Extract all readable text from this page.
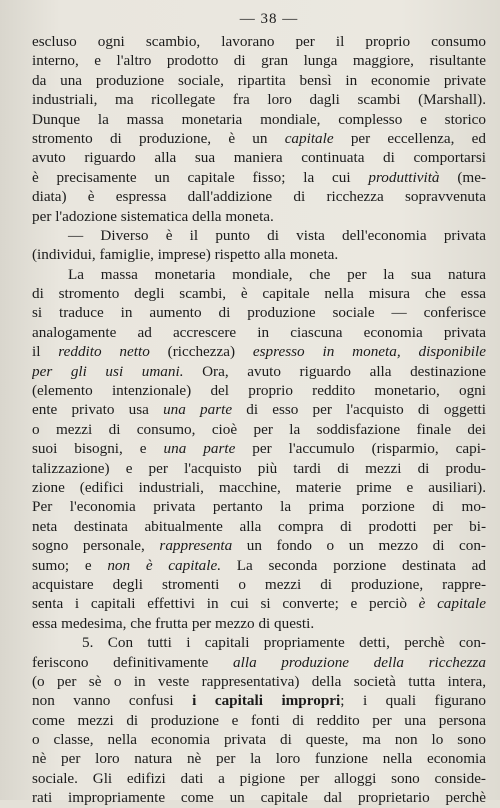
— 38 —
escluso ogni scambio, lavorano per il proprio consumo
interno, e l'altro prodotto di gran lunga maggiore, risultante
da una produzione sociale, ripartita bensì in economie private
industriali, ma ricollegate fra loro dagli scambi (Marshall).
Dunque la massa monetaria mondiale, complesso e storico
stromento di produzione, è un capitale per eccellenza, ed
avuto riguardo alla sua maniera continuata di comportarsi
è precisamente un capitale fisso; la cui produttività (me-
diata) è espressa dall'addizione di ricchezza sopravvenuta
per l'adozione sistematica della moneta.
— Diverso è il punto di vista dell'economia privata
(individui, famiglie, imprese) rispetto alla moneta.
La massa monetaria mondiale, che per la sua natura
di stromento degli scambi, è capitale nella misura che essa
si traduce in aumento di produzione sociale — conferisce
analogamente ad accrescere in ciascuna economia privata
il reddito netto (ricchezza) espresso in moneta, disponibile
per gli usi umani. Ora, avuto riguardo alla destinazione
(elemento intenzionale) del proprio reddito monetario, ogni
ente privato usa una parte di esso per l'acquisto di oggetti
o mezzi di consumo, cioè per la soddisfazione finale dei
suoi bisogni, e una parte per l'accumulo (risparmio, capi-
talizzazione) e per l'acquisto più tardi di mezzi di produ-
zione (edifici industriali, macchine, materie prime e ausiliari).
Per l'economia privata pertanto la prima porzione di mo-
neta destinata abitualmente alla compra di prodotti per bi-
sogno personale, rappresenta un fondo o un mezzo di con-
sumo; e non è capitale. La seconda porzione destinata ad
acquistare degli stromenti o mezzi di produzione, rappre-
senta i capitali effettivi in cui si converte; e perciò è capitale
essa medesima, che frutta per mezzo di questi.
5. Con tutti i capitali propriamente detti, perchè con-
feriscono definitivamente alla produzione della ricchezza
(o per sè o in veste rappresentativa) della società tutta intera,
non vanno confusi i capitali impropri; i quali figurano
come mezzi di produzione e fonti di reddito per una persona
o classe, nella economia privata di queste, ma non lo sono
nè per loro natura nè per la loro funzione nella economia
sociale. Gli edifizi dati a pigione per alloggi sono conside-
rati impropriamente come un capitale dal proprietario perchè
